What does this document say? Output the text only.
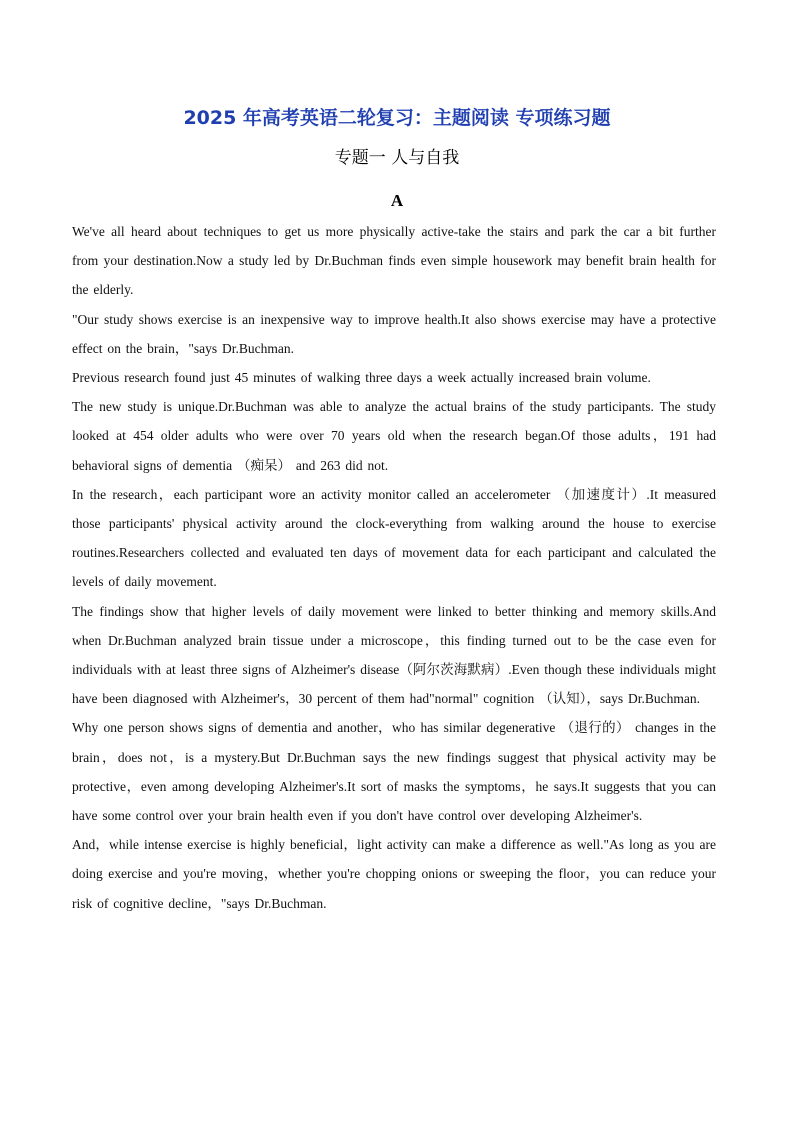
2025 年高考英语二轮复习：主题阅读 专项练习题
专题一 人与自我
A

We've all heard about techniques to get us more physically active-take the stairs and park the car a bit further from your destination.Now a study led by Dr.Buchman finds even simple housework may benefit brain health for the elderly.

"Our study shows exercise is an inexpensive way to improve health.It also shows exercise may have a protective effect on the brain，"says Dr.Buchman.

Previous research found just 45 minutes of walking three days a week actually increased brain volume.

The new study is unique.Dr.Buchman was able to analyze the actual brains of the study participants. The study looked at 454 older adults who were over 70 years old when the research began.Of those adults，191 had behavioral signs of dementia （痴呆） and 263 did not.

In the research，each participant wore an activity monitor called an accelerometer （加速度计）.It measured those participants' physical activity around the clock-everything from walking around the house to exercise routines.Researchers collected and evaluated ten days of movement data for each participant and calculated the levels of daily movement.

The findings show that higher levels of daily movement were linked to better thinking and memory skills.And when Dr.Buchman analyzed brain tissue under a microscope，this finding turned out to be the case even for individuals with at least three signs of Alzheimer's disease（阿尔茨海默病）.Even though these individuals might have been diagnosed with Alzheimer's，30 percent of them had"normal" cognition （认知），says Dr.Buchman.

Why one person shows signs of dementia and another，who has similar degenerative （退行的） changes in the brain，does not，is a mystery.But Dr.Buchman says the new findings suggest that physical activity may be protective，even among developing Alzheimer's.It sort of masks the symptoms，he says.It suggests that you can have some control over your brain health even if you don't have control over developing Alzheimer's.

And，while intense exercise is highly beneficial，light activity can make a difference as well."As long as you are doing exercise and you're moving，whether you're chopping onions or sweeping the floor，you can reduce your risk of cognitive decline，"says Dr.Buchman.
